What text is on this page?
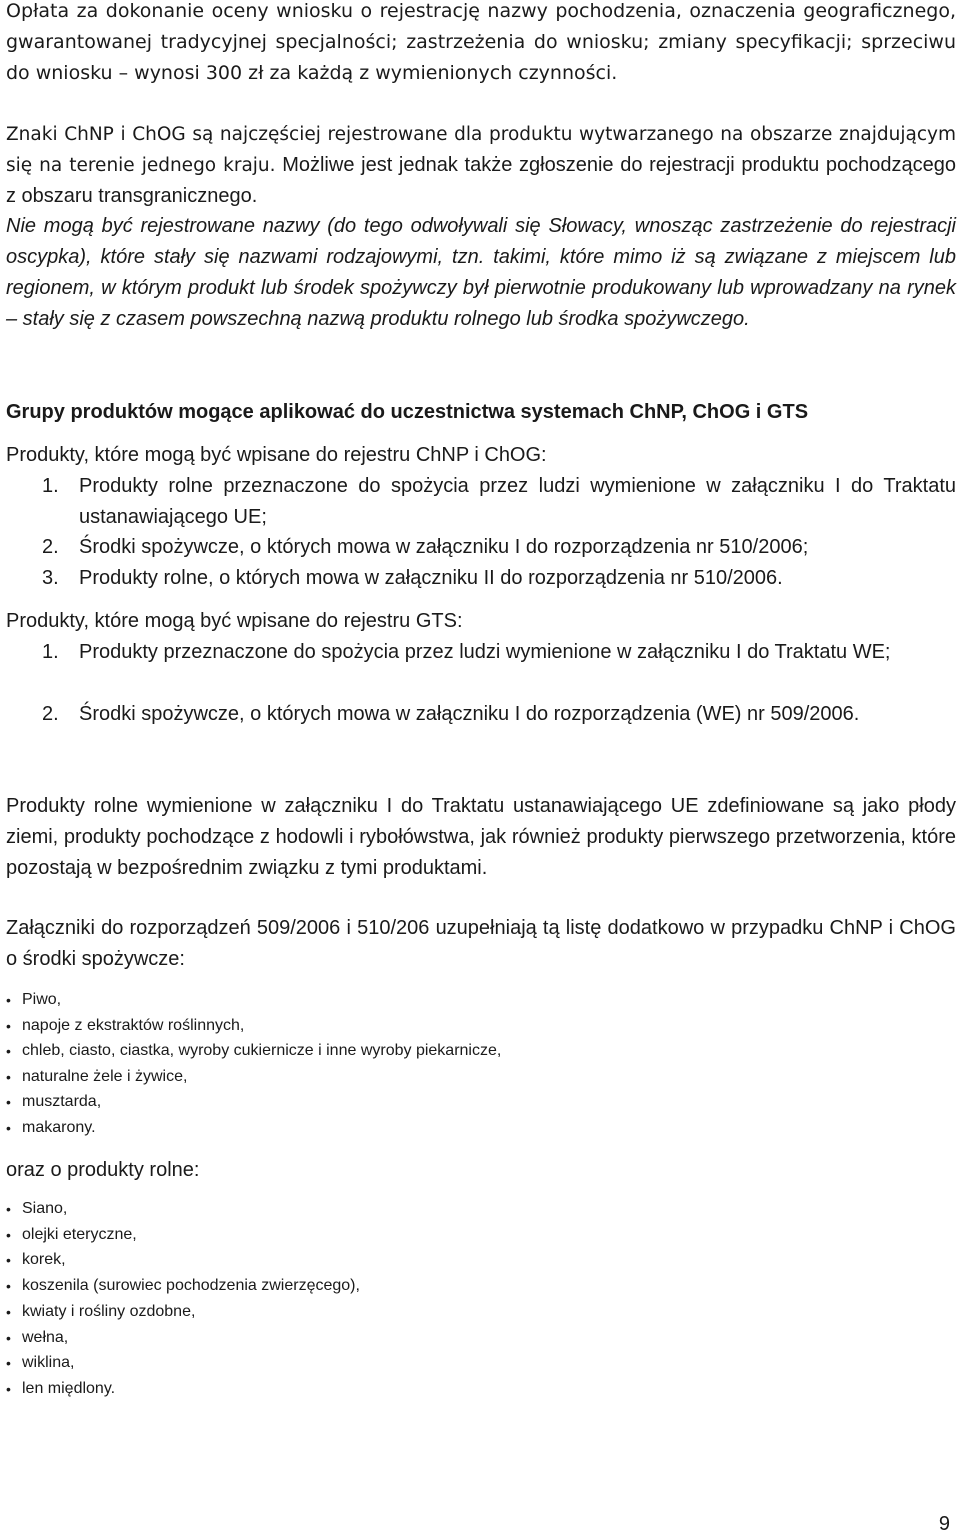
Opłata za dokonanie oceny wniosku o rejestrację nazwy pochodzenia, oznaczenia geograficznego, gwarantowanej tradycyjnej specjalności; zastrzeżenia do wniosku; zmiany specyfikacji; sprzeciwu do wniosku – wynosi 300 zł za każdą z wymienionych czynności.

Znaki ChNP i ChOG są najczęściej rejestrowane dla produktu wytwarzanego na obszarze znajdującym się na terenie jednego kraju. Możliwe jest jednak także zgłoszenie do rejestracji produktu pochodzącego z obszaru transgranicznego.

Nie mogą być rejestrowane nazwy (do tego odwoływali się Słowacy, wnosząc zastrzeżenie do rejestracji oscypka), które stały się nazwami rodzajowymi, tzn. takimi, które mimo iż są związane z miejscem lub regionem, w którym produkt lub środek spożywczy był pierwotnie produkowany lub wprowadzany na rynek – stały się z czasem powszechną nazwą produktu rolnego lub środka spożywczego.

Grupy produktów mogące aplikować do uczestnictwa systemach ChNP, ChOG i GTS

Produkty, które mogą być wpisane do rejestru ChNP i ChOG:

1. Produkty rolne przeznaczone do spożycia przez ludzi wymienione w załączniku I do Traktatu ustanawiającego UE;
2. Środki spożywcze, o których mowa w załączniku I do rozporządzenia nr 510/2006;
3. Produkty rolne, o których mowa w załączniku II do rozporządzenia nr 510/2006.

Produkty, które mogą być wpisane do rejestru GTS:

1. Produkty przeznaczone do spożycia przez ludzi wymienione w załączniku I do Traktatu WE;
2. Środki spożywcze, o których mowa w załączniku I do rozporządzenia (WE) nr 509/2006.

Produkty rolne wymienione w załączniku I do Traktatu ustanawiającego UE zdefiniowane są jako płody ziemi, produkty pochodzące z hodowli i rybołówstwa, jak również produkty pierwszego przetworzenia, które pozostają w bezpośrednim związku z tymi produktami.

Załączniki do rozporządzeń 509/2006 i 510/206 uzupełniają tą listę dodatkowo w przypadku ChNP i ChOG o środki spożywcze:

• Piwo,
• napoje z ekstraktów roślinnych,
• chleb, ciasto, ciastka, wyroby cukiernicze i inne wyroby piekarnicze,
• naturalne żele i żywice,
• musztarda,
• makarony.

oraz o produkty rolne:

• Siano,
• olejki eteryczne,
• korek,
• koszenila (surowiec pochodzenia zwierzęcego),
• kwiaty i rośliny ozdobne,
• wełna,
• wiklina,
• len międlony.
9
